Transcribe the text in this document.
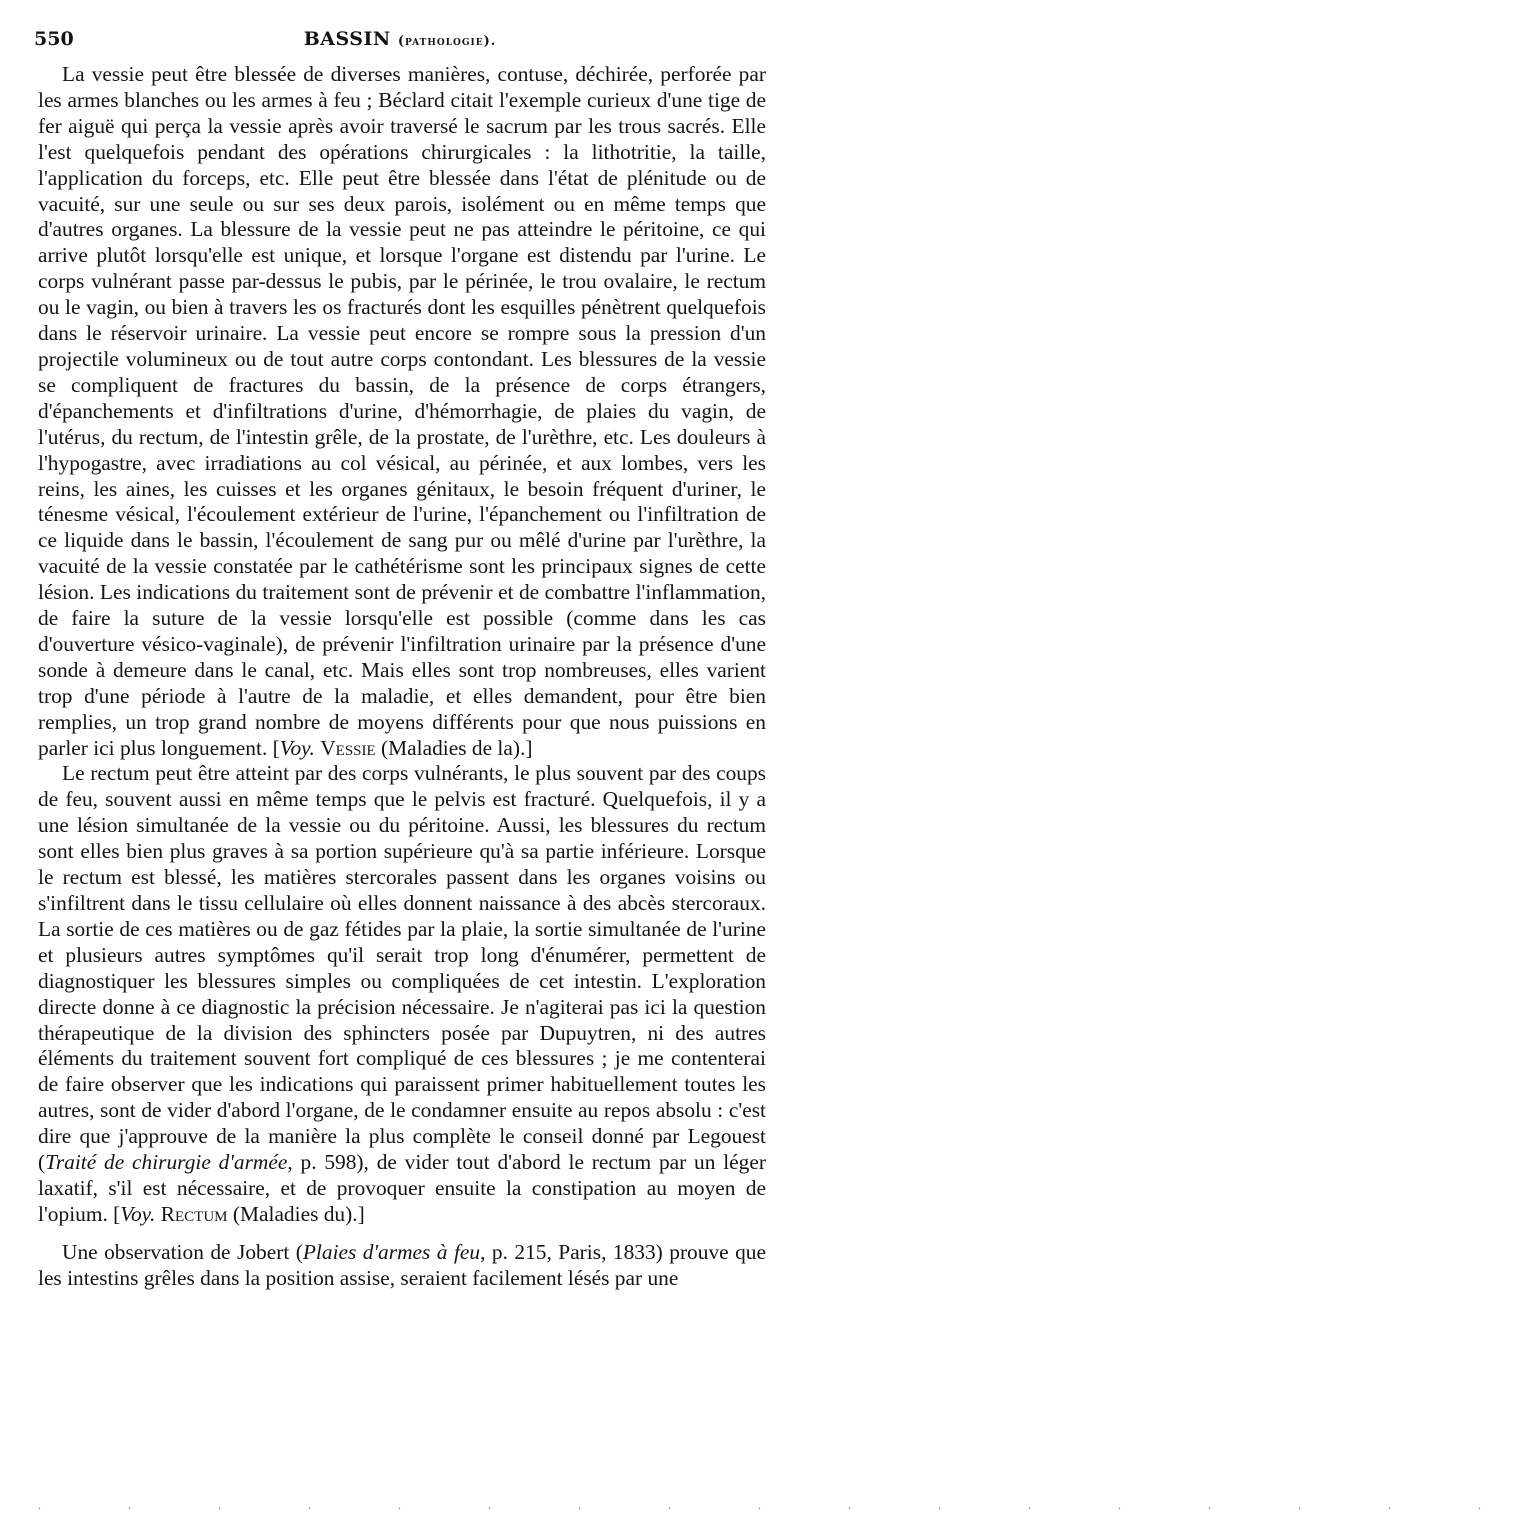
550	BASSIN (pathologie).

La vessie peut être blessée de diverses manières, contuse, déchirée, perforée par les armes blanches ou les armes à feu ; Béclard citait l'exemple curieux d'une tige de fer aiguë qui perça la vessie après avoir traversé le sacrum par les trous sacrés. Elle l'est quelquefois pendant des opérations chirurgicales : la lithotritie, la taille, l'application du forceps, etc. Elle peut être blessée dans l'état de plénitude ou de vacuité, sur une seule ou sur ses deux parois, isolément ou en même temps que d'autres organes. La blessure de la vessie peut ne pas atteindre le péritoine, ce qui arrive plutôt lorsqu'elle est unique, et lorsque l'organe est distendu par l'urine. Le corps vulnérant passe par-dessus le pubis, par le périnée, le trou ovalaire, le rectum ou le vagin, ou bien à travers les os fracturés dont les esquilles pénètrent quelquefois dans le réservoir urinaire. La vessie peut encore se rompre sous la pression d'un projectile volumineux ou de tout autre corps contondant. Les blessures de la vessie se compliquent de fractures du bassin, de la présence de corps étrangers, d'épanchements et d'infiltrations d'urine, d'hémorrhagie, de plaies du vagin, de l'utérus, du rectum, de l'intestin grêle, de la prostate, de l'urèthre, etc. Les douleurs à l'hypogastre, avec irradiations au col vésical, au périnée, et aux lombes, vers les reins, les aines, les cuisses et les organes génitaux, le besoin fréquent d'uriner, le ténesme vésical, l'écoulement extérieur de l'urine, l'épanchement ou l'infiltration de ce liquide dans le bassin, l'écoulement de sang pur ou mêlé d'urine par l'urèthre, la vacuité de la vessie constatée par le cathétérisme sont les principaux signes de cette lésion. Les indications du traitement sont de prévenir et de combattre l'inflammation, de faire la suture de la vessie lorsqu'elle est possible (comme dans les cas d'ouverture vésico-vaginale), de prévenir l'infiltration urinaire par la présence d'une sonde à demeure dans le canal, etc. Mais elles sont trop nombreuses, elles varient trop d'une période à l'autre de la maladie, et elles demandent, pour être bien remplies, un trop grand nombre de moyens différents pour que nous puissions en parler ici plus longuement. [Voy. Vessie (Maladies de la).]

Le rectum peut être atteint par des corps vulnérants, le plus souvent par des coups de feu, souvent aussi en même temps que le pelvis est fracturé. Quelquefois, il y a une lésion simultanée de la vessie ou du péritoine. Aussi, les blessures du rectum sont elles bien plus graves à sa portion supérieure qu'à sa partie inférieure. Lorsque le rectum est blessé, les matières stercorales passent dans les organes voisins ou s'infiltrent dans le tissu cellulaire où elles donnent naissance à des abcès stercoraux. La sortie de ces matières ou de gaz fétides par la plaie, la sortie simultanée de l'urine et plusieurs autres symptômes qu'il serait trop long d'énumérer, permettent de diagnostiquer les blessures simples ou compliquées de cet intestin. L'exploration directe donne à ce diagnostic la précision nécessaire. Je n'agiterai pas ici la question thérapeutique de la division des sphincters posée par Dupuytren, ni des autres éléments du traitement souvent fort compliqué de ces blessures ; je me contenterai de faire observer que les indications qui paraissent primer habituellement toutes les autres, sont de vider d'abord l'organe, de le condamner ensuite au repos absolu : c'est dire que j'approuve de la manière la plus complète le conseil donné par Legouest (Traité de chirurgie d'armée, p. 598), de vider tout d'abord le rectum par un léger laxatif, s'il est nécessaire, et de provoquer ensuite la constipation au moyen de l'opium. [Voy. Rectum (Maladies du).]

Une observation de Jobert (Plaies d'armes à feu, p. 215, Paris, 1833) prouve que les intestins grêles dans la position assise, seraient facilement lésés par une

. . . . . . . . . . . . . . . . .
